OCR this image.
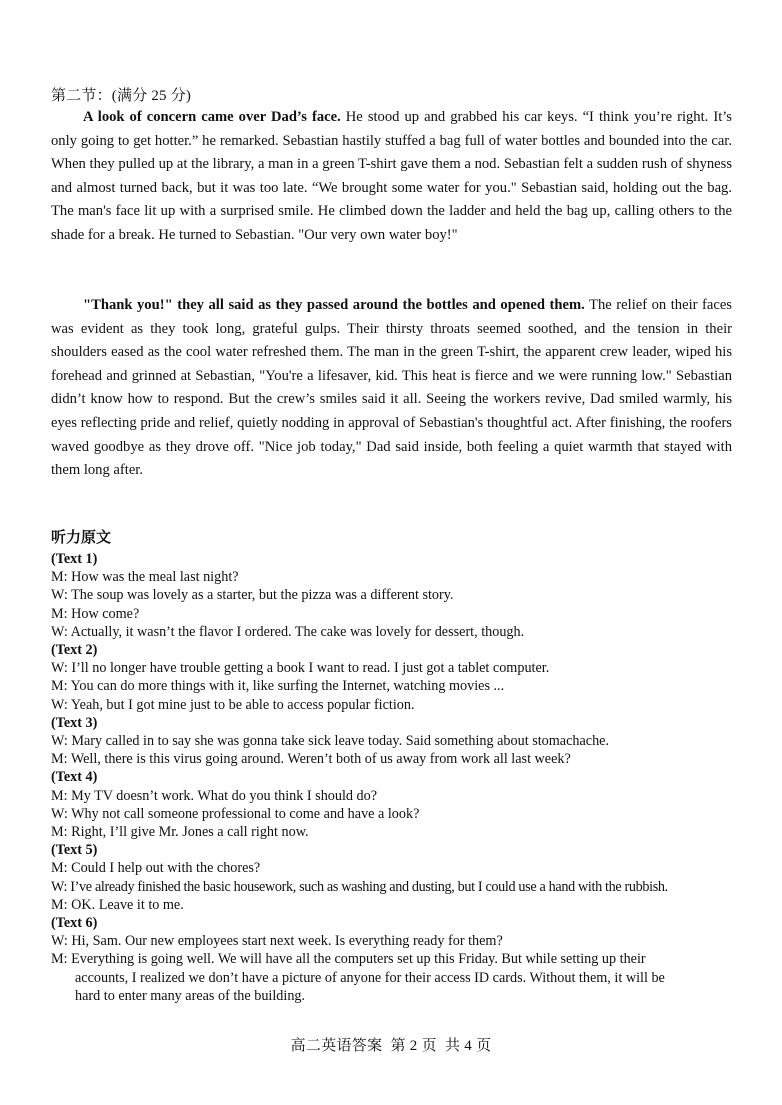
第二节：(满分 25 分)

A look of concern came over Dad’s face. He stood up and grabbed his car keys. “I think you’re right. It’s only going to get hotter.” he remarked. Sebastian hastily stuffed a bag full of water bottles and bounded into the car. When they pulled up at the library, a man in a green T-shirt gave them a nod. Sebastian felt a sudden rush of shyness and almost turned back, but it was too late. “We brought some water for you." Sebastian said, holding out the bag. The man's face lit up with a surprised smile. He climbed down the ladder and held the bag up, calling others to the shade for a break. He turned to Sebastian. "Our very own water boy!"

"Thank you!" they all said as they passed around the bottles and opened them. The relief on their faces was evident as they took long, grateful gulps. Their thirsty throats seemed soothed, and the tension in their shoulders eased as the cool water refreshed them. The man in the green T-shirt, the apparent crew leader, wiped his forehead and grinned at Sebastian, "You're a lifesaver, kid. This heat is fierce and we were running low." Sebastian didn’t know how to respond. But the crew’s smiles said it all. Seeing the workers revive, Dad smiled warmly, his eyes reflecting pride and relief, quietly nodding in approval of Sebastian's thoughtful act. After finishing, the roofers waved goodbye as they drove off. "Nice job today," Dad said inside, both feeling a quiet warmth that stayed with them long after.

听力原文
(Text 1)
M: How was the meal last night?
W: The soup was lovely as a starter, but the pizza was a different story.
M: How come?
W: Actually, it wasn’t the flavor I ordered. The cake was lovely for dessert, though.
(Text 2)
W: I’ll no longer have trouble getting a book I want to read. I just got a tablet computer.
M: You can do more things with it, like surfing the Internet, watching movies ...
W: Yeah, but I got mine just to be able to access popular fiction.
(Text 3)
W: Mary called in to say she was gonna take sick leave today. Said something about stomachache.
M: Well, there is this virus going around. Weren’t both of us away from work all last week?
(Text 4)
M: My TV doesn’t work. What do you think I should do?
W: Why not call someone professional to come and have a look?
M: Right, I’ll give Mr. Jones a call right now.
(Text 5)
M: Could I help out with the chores?
W: I’ve already finished the basic housework, such as washing and dusting, but I could use a hand with the rubbish.
M: OK. Leave it to me.
(Text 6)
W: Hi, Sam. Our new employees start next week. Is everything ready for them?
M: Everything is going well. We will have all the computers set up this Friday. But while setting up their
accounts, I realized we don’t have a picture of anyone for their access ID cards. Without them, it will be
hard to enter many areas of the building.
高二英语答案 第 2 页 共 4 页
